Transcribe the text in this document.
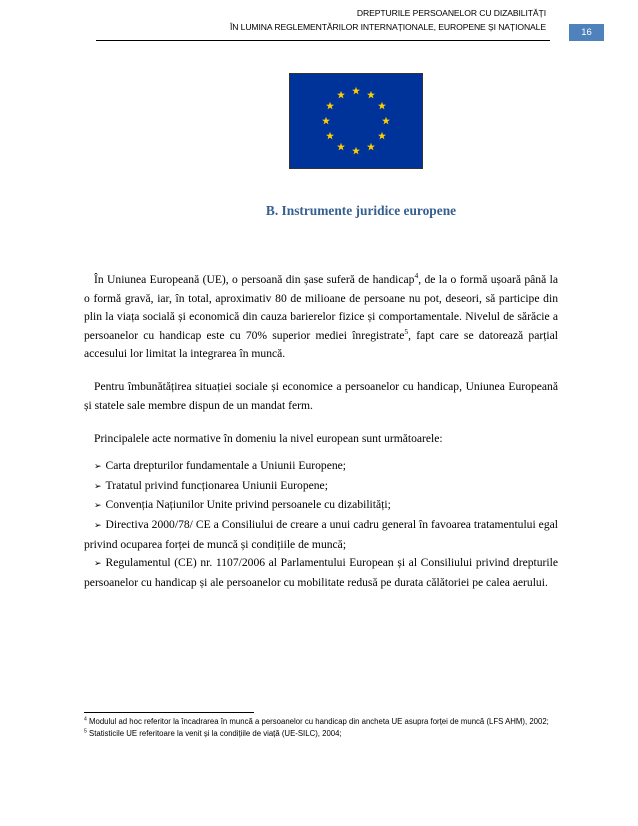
DREPTURILE PERSOANELOR CU DIZABILITĂȚI
ÎN LUMINA REGLEMENTĂRILOR INTERNAȚIONALE, EUROPENE ȘI NAȚIONALE	16
B. Instrumente juridice europene

În Uniunea Europeană (UE), o persoană din șase suferă de handicap$^4$, de la o formă ușoară până la o formă gravă, iar, în total, aproximativ 80 de milioane de persoane nu pot, deseori, să participe din plin la viața socială și economică din cauza barierelor fizice și comportamentale. Nivelul de sărăcie a persoanelor cu handicap este cu 70% superior mediei înregistrate$^5$, fapt care se datorează parțial accesului lor limitat la integrarea în muncă.

Pentru îmbunătățirea situației sociale și economice a persoanelor cu handicap, Uniunea Europeană și statele sale membre dispun de un mandat ferm.

Principalele acte normative în domeniu la nivel european sunt următoarele:

➢ Carta drepturilor fundamentale a Uniunii Europene;
➢ Tratatul privind funcționarea Uniunii Europene;
➢ Convenția Națiunilor Unite privind persoanele cu dizabilități;
➢ Directiva 2000/78/ CE a Consiliului de creare a unui cadru general în favoarea tratamentului egal privind ocuparea forței de muncă și condițiile de muncă;
➢ Regulamentul (CE) nr. 1107/2006 al Parlamentului European și al Consiliului privind drepturile persoanelor cu handicap și ale persoanelor cu mobilitate redusă pe durata călătoriei pe calea aerului.
$^4$ Modulul ad hoc referitor la încadrarea în muncă a persoanelor cu handicap din ancheta UE asupra forței de muncă (LFS AHM), 2002;
$^5$ Statisticile UE referitoare la venit și la condițiile de viață (UE-SILC), 2004;
